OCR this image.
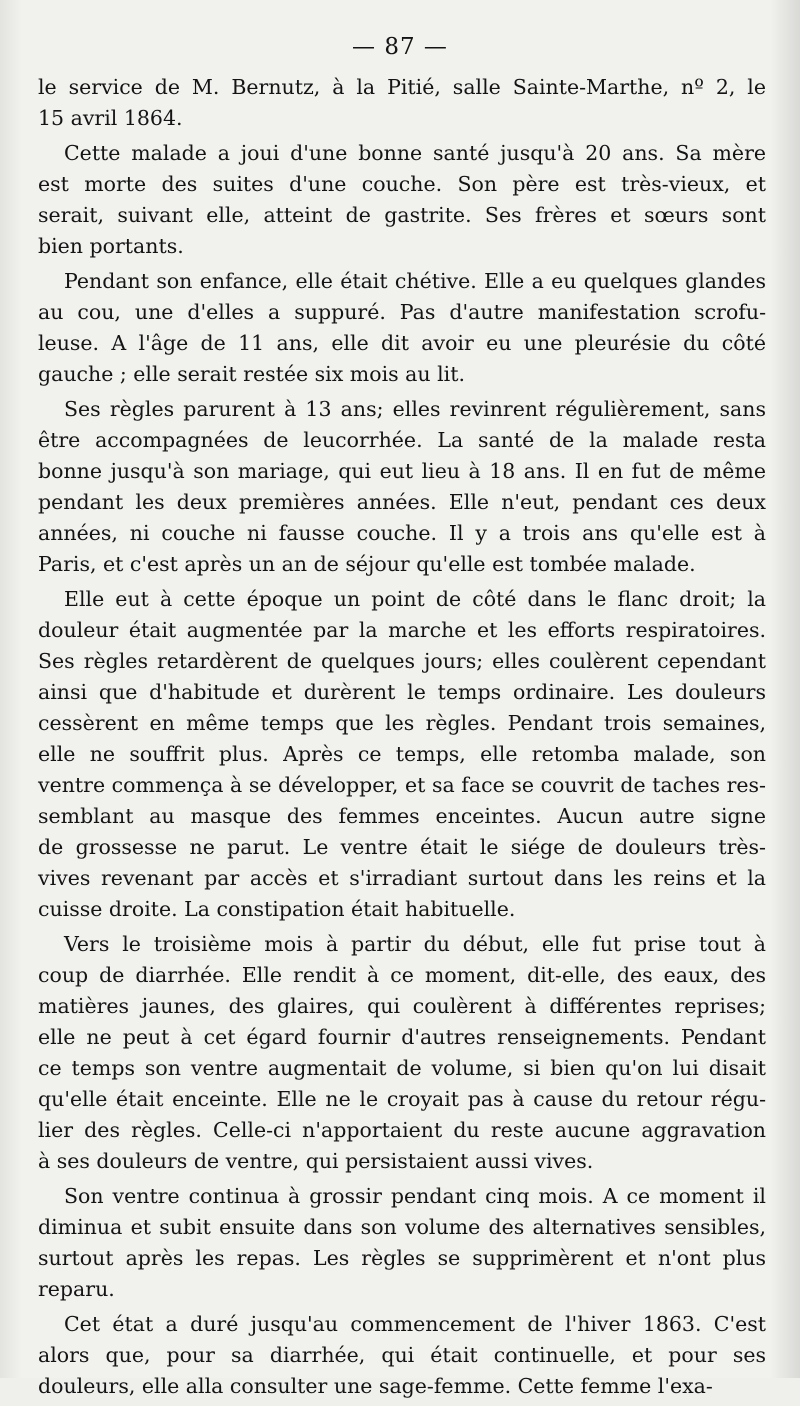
— 87 —
le service de M. Bernutz, à la Pitié, salle Sainte-Marthe, nº 2, le
15 avril 1864.
Cette malade a joui d'une bonne santé jusqu'à 20 ans. Sa mère
est morte des suites d'une couche. Son père est très-vieux, et
serait, suivant elle, atteint de gastrite. Ses frères et sœurs sont
bien portants.
Pendant son enfance, elle était chétive. Elle a eu quelques glandes
au cou, une d'elles a suppuré. Pas d'autre manifestation scrofu-
leuse. A l'âge de 11 ans, elle dit avoir eu une pleurésie du côté
gauche ; elle serait restée six mois au lit.
Ses règles parurent à 13 ans; elles revinrent régulièrement, sans
être accompagnées de leucorrhée. La santé de la malade resta
bonne jusqu'à son mariage, qui eut lieu à 18 ans. Il en fut de même
pendant les deux premières années. Elle n'eut, pendant ces deux
années, ni couche ni fausse couche. Il y a trois ans qu'elle est à
Paris, et c'est après un an de séjour qu'elle est tombée malade.
Elle eut à cette époque un point de côté dans le flanc droit; la
douleur était augmentée par la marche et les efforts respiratoires.
Ses règles retardèrent de quelques jours; elles coulèrent cependant
ainsi que d'habitude et durèrent le temps ordinaire. Les douleurs
cessèrent en même temps que les règles. Pendant trois semaines,
elle ne souffrit plus. Après ce temps, elle retomba malade, son
ventre commença à se développer, et sa face se couvrit de taches res-
semblant au masque des femmes enceintes. Aucun autre signe
de grossesse ne parut. Le ventre était le siége de douleurs très-
vives revenant par accès et s'irradiant surtout dans les reins et la
cuisse droite. La constipation était habituelle.
Vers le troisième mois à partir du début, elle fut prise tout à
coup de diarrhée. Elle rendit à ce moment, dit-elle, des eaux, des
matières jaunes, des glaires, qui coulèrent à différentes reprises;
elle ne peut à cet égard fournir d'autres renseignements. Pendant
ce temps son ventre augmentait de volume, si bien qu'on lui disait
qu'elle était enceinte. Elle ne le croyait pas à cause du retour régu-
lier des règles. Celle-ci n'apportaient du reste aucune aggravation
à ses douleurs de ventre, qui persistaient aussi vives.
Son ventre continua à grossir pendant cinq mois. A ce moment il
diminua et subit ensuite dans son volume des alternatives sensibles,
surtout après les repas. Les règles se supprimèrent et n'ont plus
reparu.
Cet état a duré jusqu'au commencement de l'hiver 1863. C'est
alors que, pour sa diarrhée, qui était continuelle, et pour ses
douleurs, elle alla consulter une sage-femme. Cette femme l'exa-
